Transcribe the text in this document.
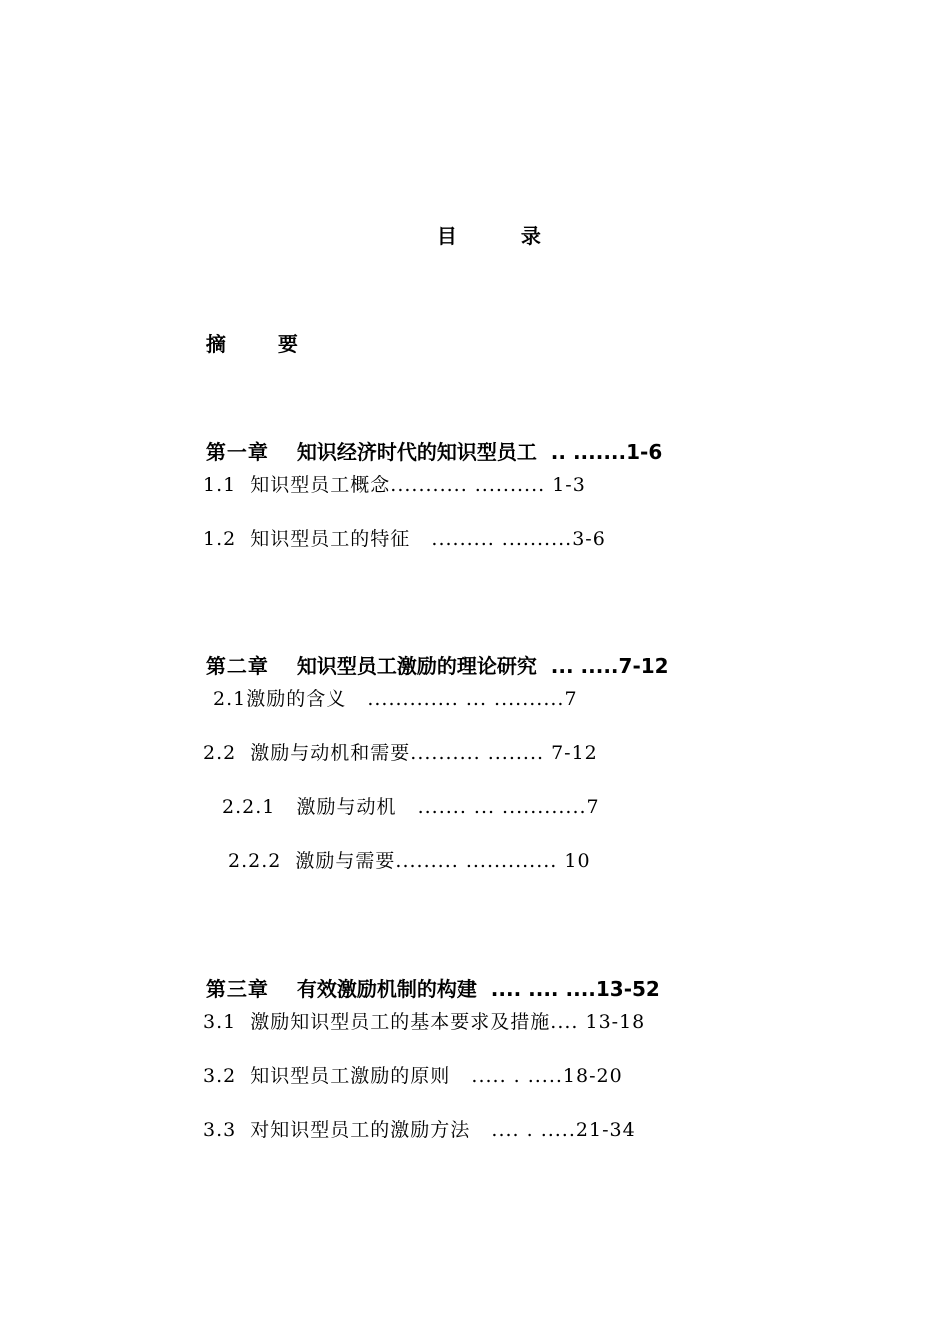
目	录

摘	要

第一章 知识经济时代的知识型员工  .. .......1-6

1.1  知识型员工概念........... .......... 1-3
1.2  知识型员工的特征   ......... ..........3-6

第二章 知识型员工激励的理论研究  ... .....7-12

2.1激励的含义   ............. ... ..........7
2.2  激励与动机和需要.......... ........ 7-12
2.2.1   激励与动机   ....... ... ............7
2.2.2  激励与需要......... ............. 10

第三章 有效激励机制的构建  .... .... ....13-52

3.1  激励知识型员工的基本要求及措施.... 13-18
3.2  知识型员工激励的原则   ..... . .....18-20
3.3  对知识型员工的激励方法   .... . .....21-34
